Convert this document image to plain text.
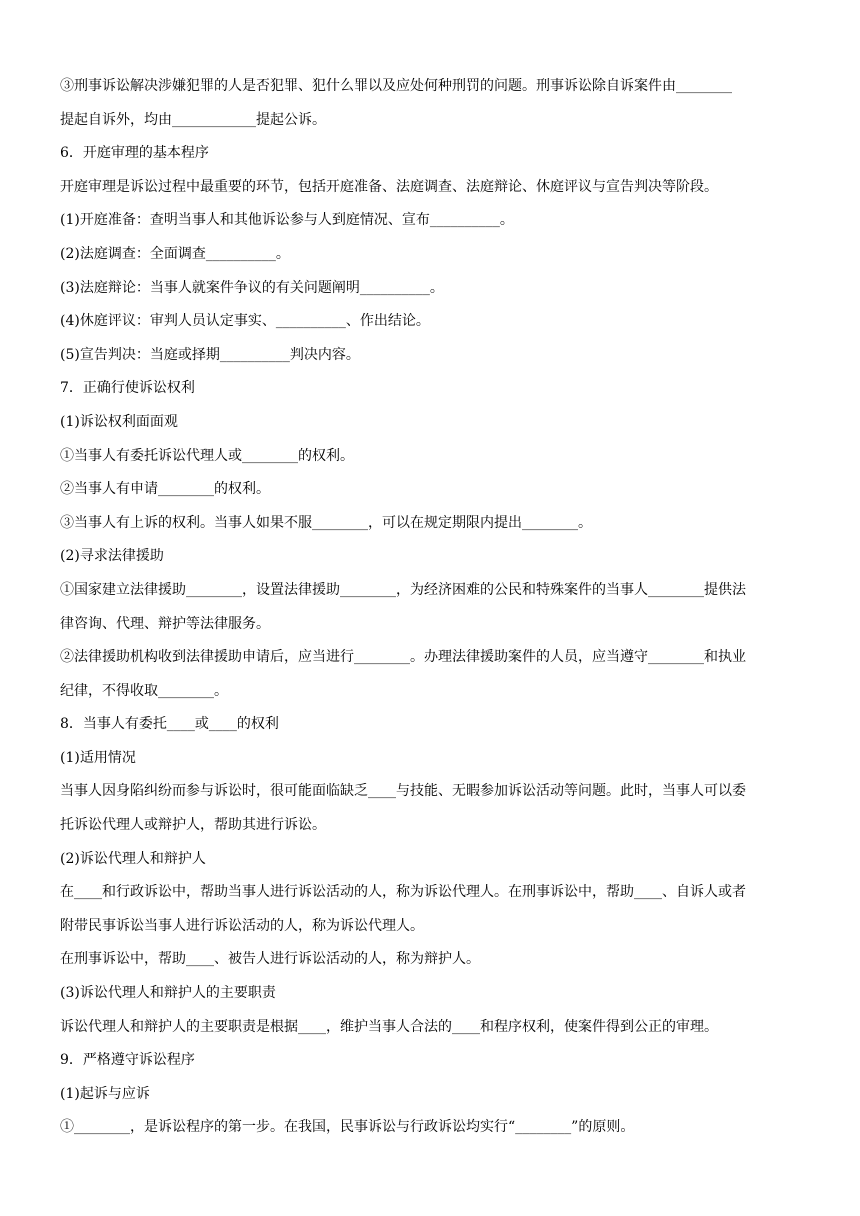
③刑事诉讼解决涉嫌犯罪的人是否犯罪、犯什么罪以及应处何种刑罚的问题。刑事诉讼除自诉案件由________
提起自诉外，均由____________提起公诉。
6．开庭审理的基本程序
开庭审理是诉讼过程中最重要的环节，包括开庭准备、法庭调查、法庭辩论、休庭评议与宣告判决等阶段。
(1)开庭准备：查明当事人和其他诉讼参与人到庭情况、宣布__________。
(2)法庭调查：全面调查__________。
(3)法庭辩论：当事人就案件争议的有关问题阐明__________。
(4)休庭评议：审判人员认定事实、__________、作出结论。
(5)宣告判决：当庭或择期__________判决内容。
7．正确行使诉讼权利
(1)诉讼权利面面观
①当事人有委托诉讼代理人或________的权利。
②当事人有申请________的权利。
③当事人有上诉的权利。当事人如果不服________，可以在规定期限内提出________。
(2)寻求法律援助
①国家建立法律援助________，设置法律援助________，为经济困难的公民和特殊案件的当事人________提供法
律咨询、代理、辩护等法律服务。
②法律援助机构收到法律援助申请后，应当进行________。办理法律援助案件的人员，应当遵守________和执业
纪律，不得收取________。
8．当事人有委托____或____的权利
(1)适用情况
当事人因身陷纠纷而参与诉讼时，很可能面临缺乏____与技能、无暇参加诉讼活动等问题。此时，当事人可以委
托诉讼代理人或辩护人，帮助其进行诉讼。
(2)诉讼代理人和辩护人
在____和行政诉讼中，帮助当事人进行诉讼活动的人，称为诉讼代理人。在刑事诉讼中，帮助____、自诉人或者
附带民事诉讼当事人进行诉讼活动的人，称为诉讼代理人。
在刑事诉讼中，帮助____、被告人进行诉讼活动的人，称为辩护人。
(3)诉讼代理人和辩护人的主要职责
诉讼代理人和辩护人的主要职责是根据____，维护当事人合法的____和程序权利，使案件得到公正的审理。
9．严格遵守诉讼程序
(1)起诉与应诉
①________，是诉讼程序的第一步。在我国，民事诉讼与行政诉讼均实行“________”的原则。
